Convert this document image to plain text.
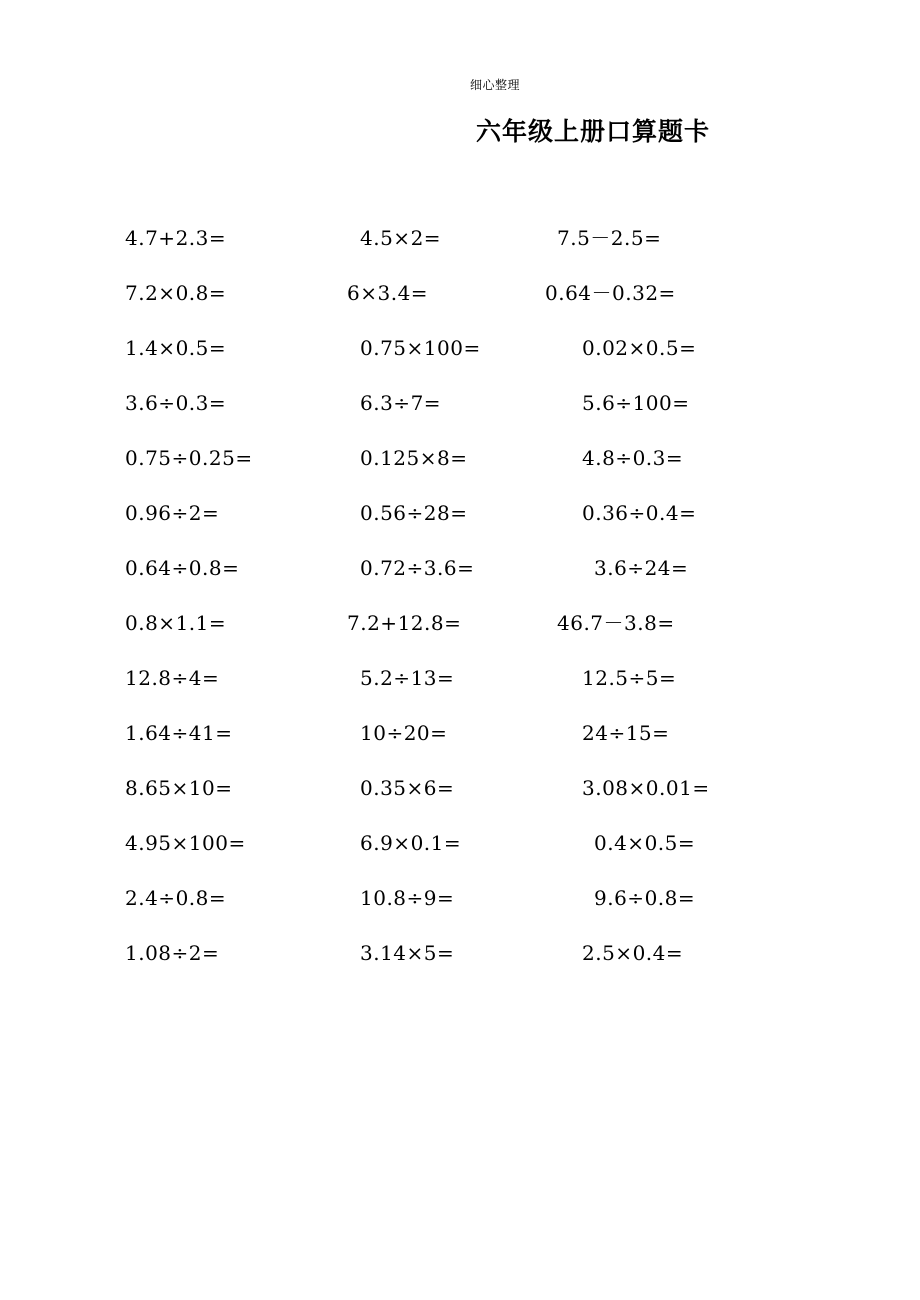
细心整理
六年级上册口算题卡
4.7+2.3=	4.5×2=	7.5－2.5=
7.2×0.8=	6×3.4=	0.64－0.32=
1.4×0.5=	0.75×100=	0.02×0.5=
3.6÷0.3=	6.3÷7=	5.6÷100=
0.75÷0.25=	0.125×8=	4.8÷0.3=
0.96÷2=	0.56÷28=	0.36÷0.4=
0.64÷0.8=	0.72÷3.6=	3.6÷24=
0.8×1.1=	7.2+12.8=	46.7－3.8=
12.8÷4=	5.2÷13=	12.5÷5=
1.64÷41=	10÷20=	24÷15=
8.65×10=	0.35×6=	3.08×0.01=
4.95×100=	6.9×0.1=	0.4×0.5=
2.4÷0.8=	10.8÷9=	9.6÷0.8=
1.08÷2=	3.14×5=	2.5×0.4=
